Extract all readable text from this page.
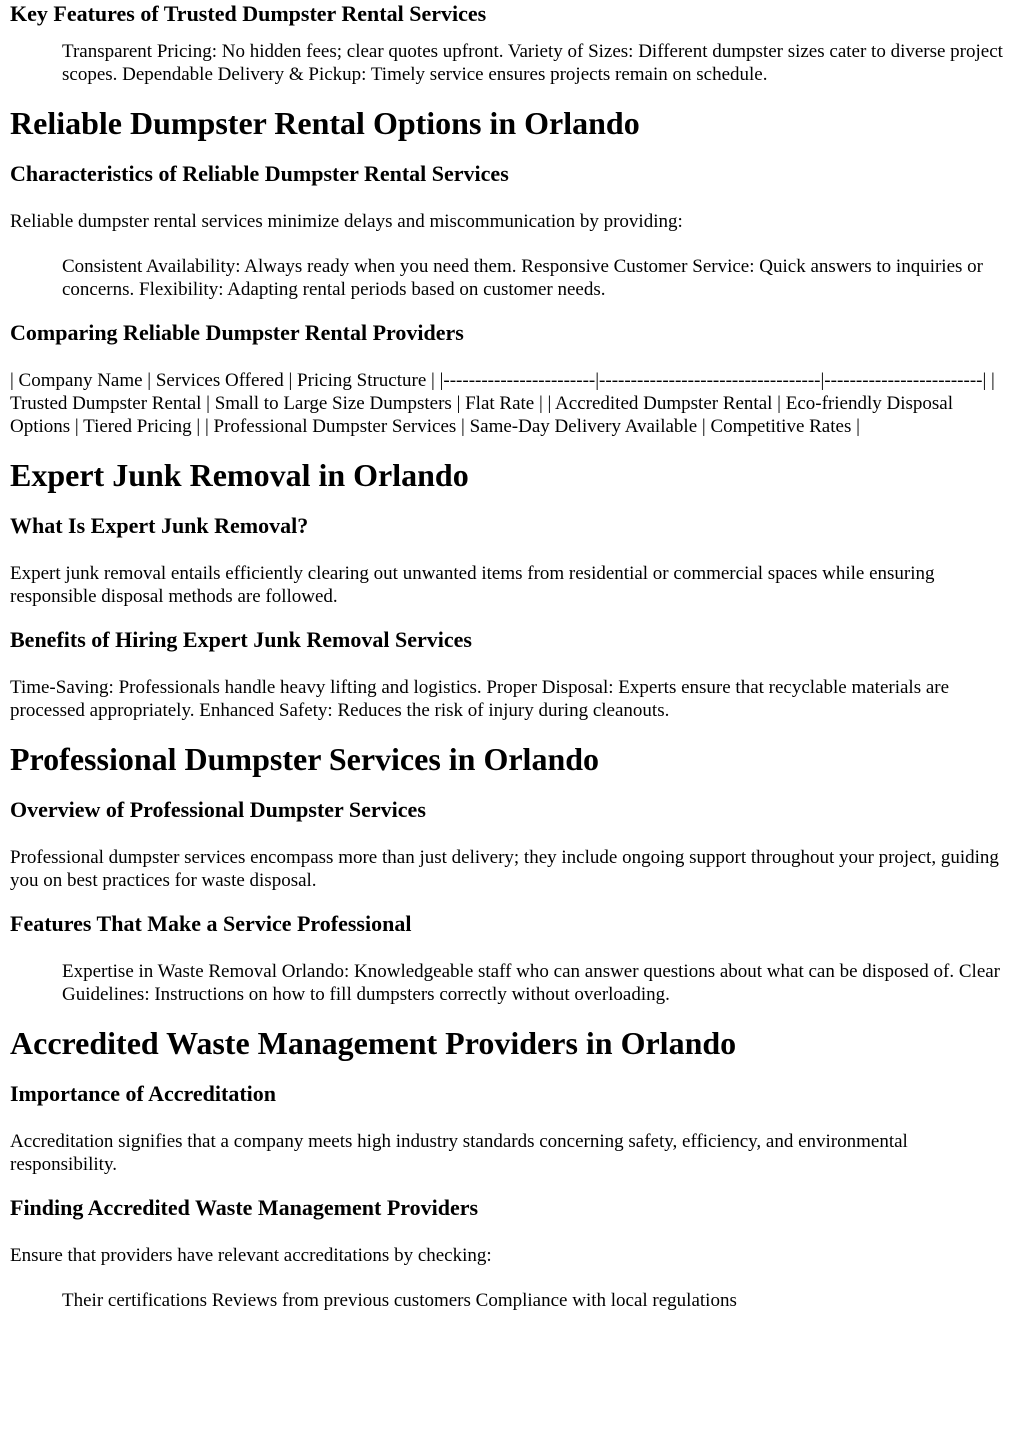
Key Features of Trusted Dumpster Rental Services
Transparent Pricing: No hidden fees; clear quotes upfront. Variety of Sizes: Different dumpster sizes cater to diverse project scopes. Dependable Delivery & Pickup: Timely service ensures projects remain on schedule.
Reliable Dumpster Rental Options in Orlando
Characteristics of Reliable Dumpster Rental Services

Reliable dumpster rental services minimize delays and miscommunication by providing:

Consistent Availability: Always ready when you need them. Responsive Customer Service: Quick answers to inquiries or concerns. Flexibility: Adapting rental periods based on customer needs.
Comparing Reliable Dumpster Rental Providers

| Company Name | Services Offered | Pricing Structure | |------------------------|-----------------------------------|-------------------------| | Trusted Dumpster Rental | Small to Large Size Dumpsters | Flat Rate | | Accredited Dumpster Rental | Eco-friendly Disposal Options | Tiered Pricing | | Professional Dumpster Services | Same-Day Delivery Available | Competitive Rates |

Expert Junk Removal in Orlando
What Is Expert Junk Removal?

Expert junk removal entails efficiently clearing out unwanted items from residential or commercial spaces while ensuring responsible disposal methods are followed.

Benefits of Hiring Expert Junk Removal Services

Time-Saving: Professionals handle heavy lifting and logistics. Proper Disposal: Experts ensure that recyclable materials are processed appropriately. Enhanced Safety: Reduces the risk of injury during cleanouts.

Professional Dumpster Services in Orlando
Overview of Professional Dumpster Services

Professional dumpster services encompass more than just delivery; they include ongoing support throughout your project, guiding you on best practices for waste disposal.

Features That Make a Service Professional
Expertise in Waste Removal Orlando: Knowledgeable staff who can answer questions about what can be disposed of. Clear Guidelines: Instructions on how to fill dumpsters correctly without overloading.
Accredited Waste Management Providers in Orlando
Importance of Accreditation

Accreditation signifies that a company meets high industry standards concerning safety, efficiency, and environmental responsibility.

Finding Accredited Waste Management Providers

Ensure that providers have relevant accreditations by checking:

Their certifications Reviews from previous customers Compliance with local regulations
